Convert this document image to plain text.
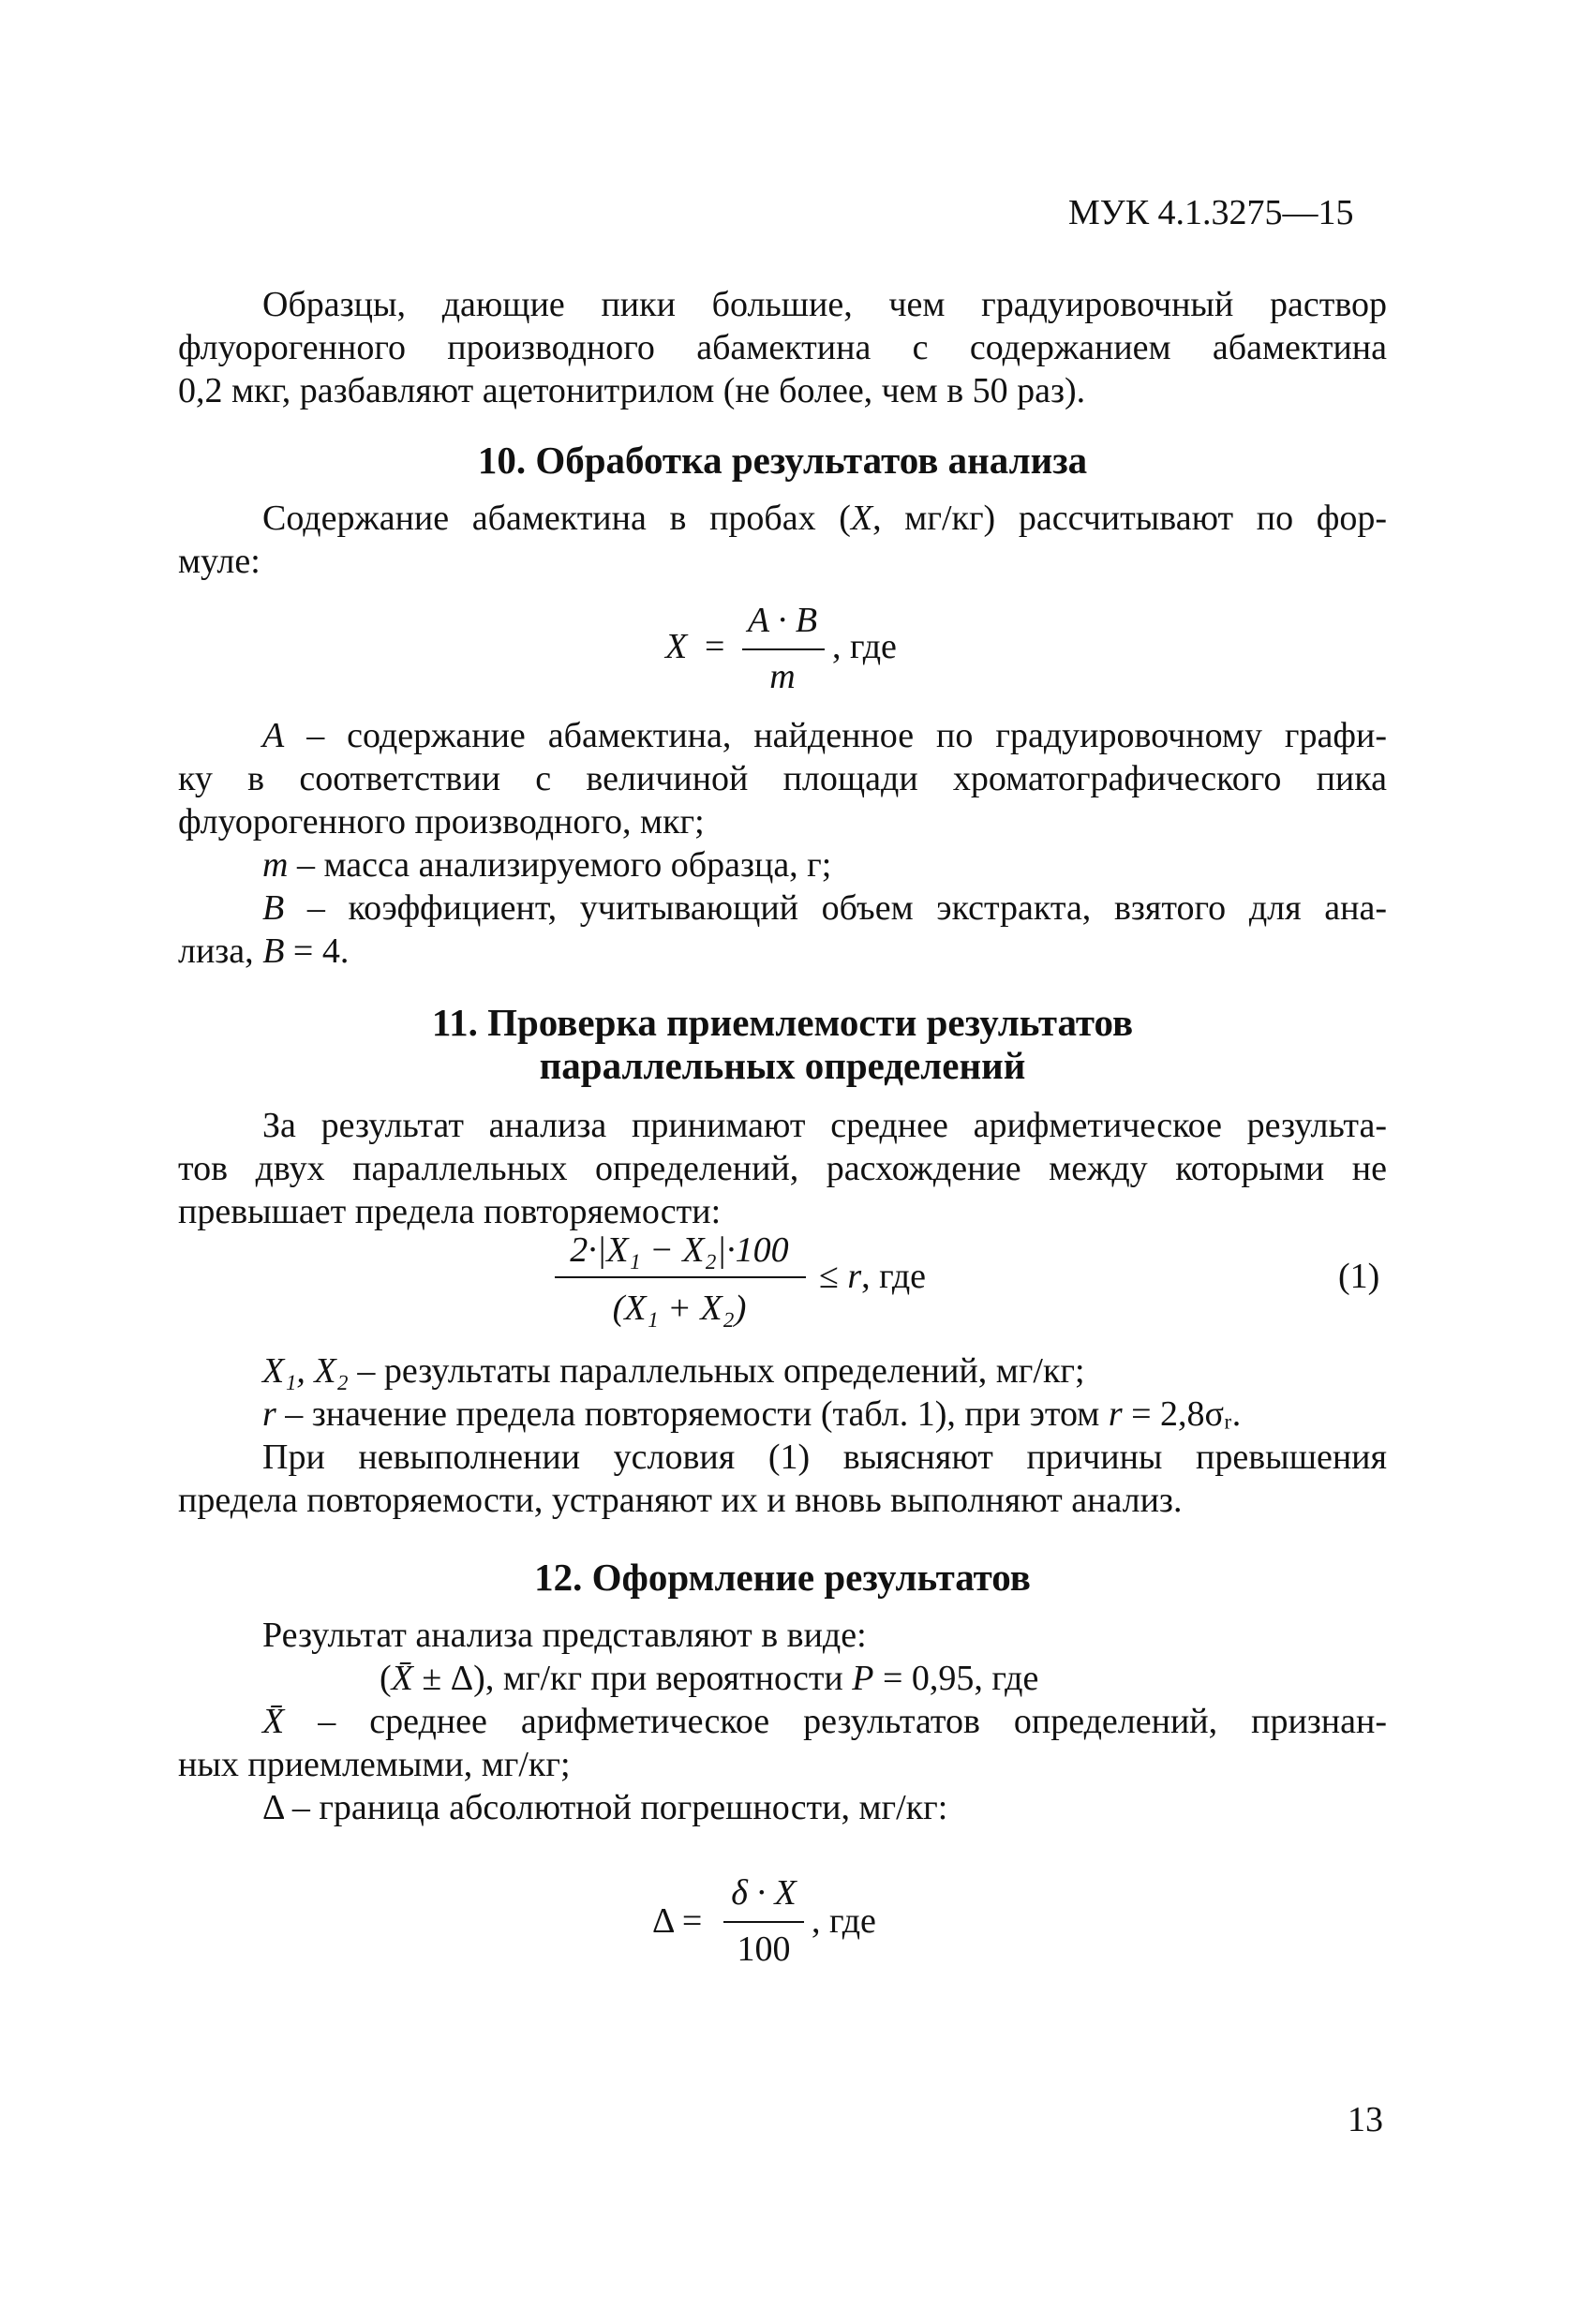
МУК 4.1.3275—15
Образцы, дающие пики большие, чем градуировочный раствор
флуорогенного производного абамектина с содержанием абамектина
0,2 мкг, разбавляют ацетонитрилом (не более, чем в 50 раз).
10. Обработка результатов анализа
Содержание абамектина в пробах (X, мг/кг) рассчитывают по фор-
муле:
X =
A · B
m
, где
A – содержание абамектина, найденное по градуировочному графи-
ку в соответствии с величиной площади хроматографического пика
флуорогенного производного, мкг;
m – масса анализируемого образца, г;
B – коэффициент, учитывающий объем экстракта, взятого для ана-
лиза, B = 4.
11. Проверка приемлемости результатов
параллельных определений
За результат анализа принимают среднее арифметическое результа-
тов двух параллельных определений, расхождение между которыми не
превышает предела повторяемости:
2·|X₁ − X₂|·100
(X₁ + X₂)
≤ r, где	(1)
X₁, X₂ – результаты параллельных определений, мг/кг;
r – значение предела повторяемости (табл. 1), при этом r = 2,8σᵣ.
При невыполнении условия (1) выясняют причины превышения
предела повторяемости, устраняют их и вновь выполняют анализ.
12. Оформление результатов
Результат анализа представляют в виде:
(X̄ ± Δ), мг/кг при вероятности P = 0,95, где
X̄ – среднее арифметическое результатов определений, признан-
ных приемлемыми, мг/кг;
Δ – граница абсолютной погрешности, мг/кг:
Δ =
δ · X
100
, где
13
